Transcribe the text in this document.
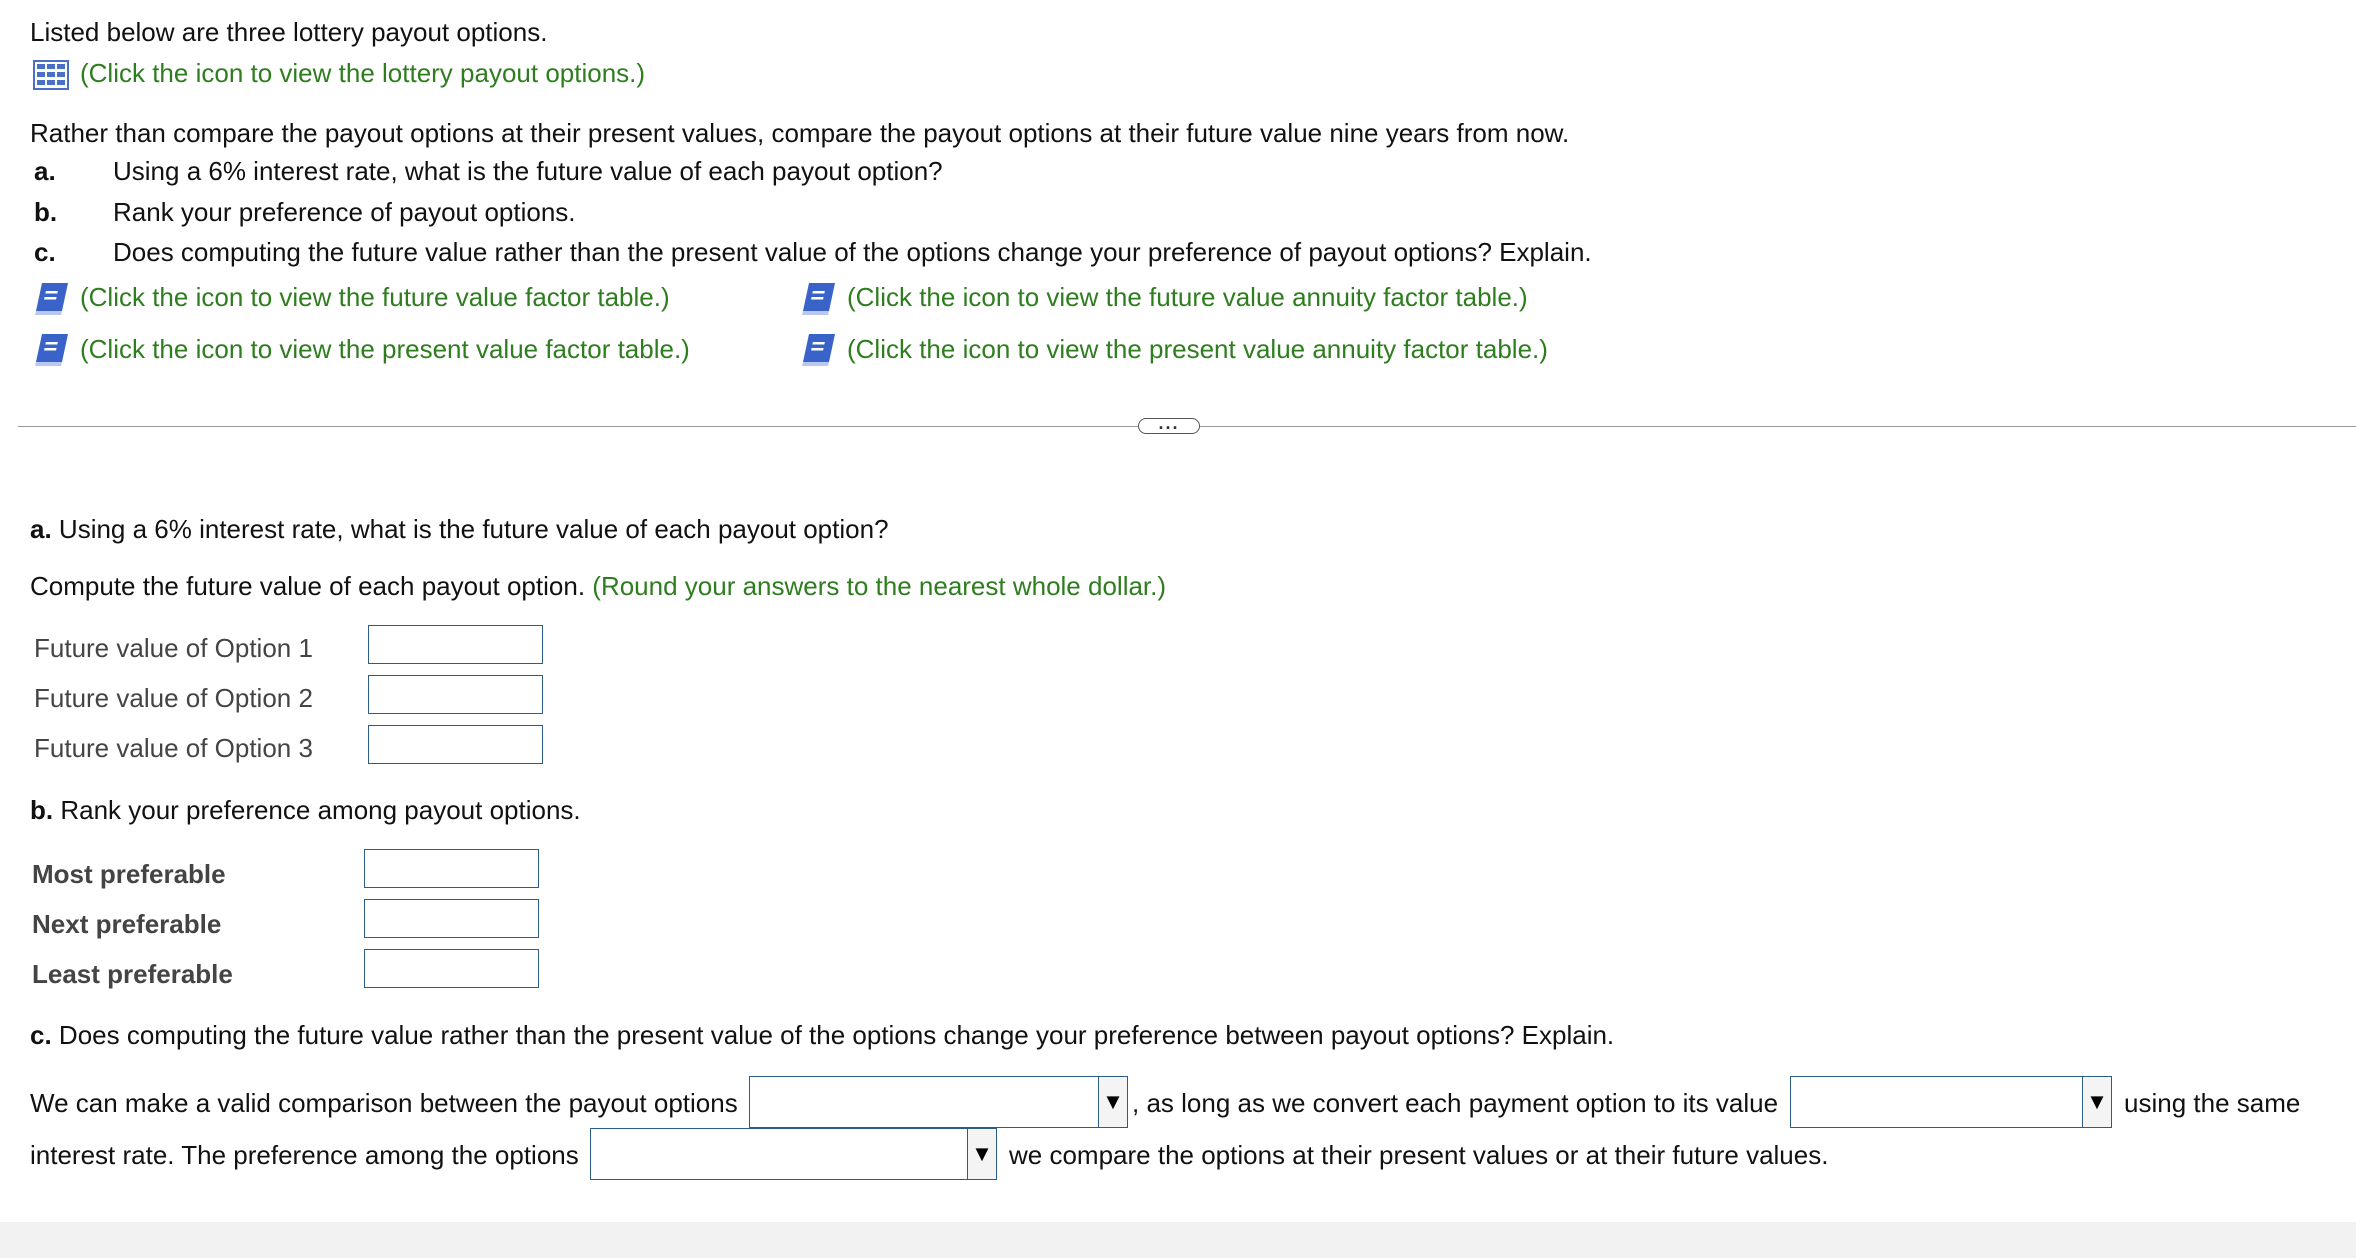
Listed below are three lottery payout options.
(Click the icon to view the lottery payout options.)
Rather than compare the payout options at their present values, compare the payout options at their future value nine years from now.
a. Using a 6% interest rate, what is the future value of each payout option?
b. Rank your preference of payout options.
c. Does computing the future value rather than the present value of the options change your preference of payout options? Explain.
(Click the icon to view the future value factor table.)	(Click the icon to view the future value annuity factor table.)
(Click the icon to view the present value factor table.)	(Click the icon to view the present value annuity factor table.)
...
a. Using a 6% interest rate, what is the future value of each payout option?
Compute the future value of each payout option. (Round your answers to the nearest whole dollar.)
Future value of Option 1
Future value of Option 2
Future value of Option 3
b. Rank your preference among payout options.
Most preferable
Next preferable
Least preferable
c. Does computing the future value rather than the present value of the options change your preference between payout options? Explain.
We can make a valid comparison between the payout options	▼ , as long as we convert each payment option to its value	▼ using the same
interest rate. The preference among the options	▼ we compare the options at their present values or at their future values.
